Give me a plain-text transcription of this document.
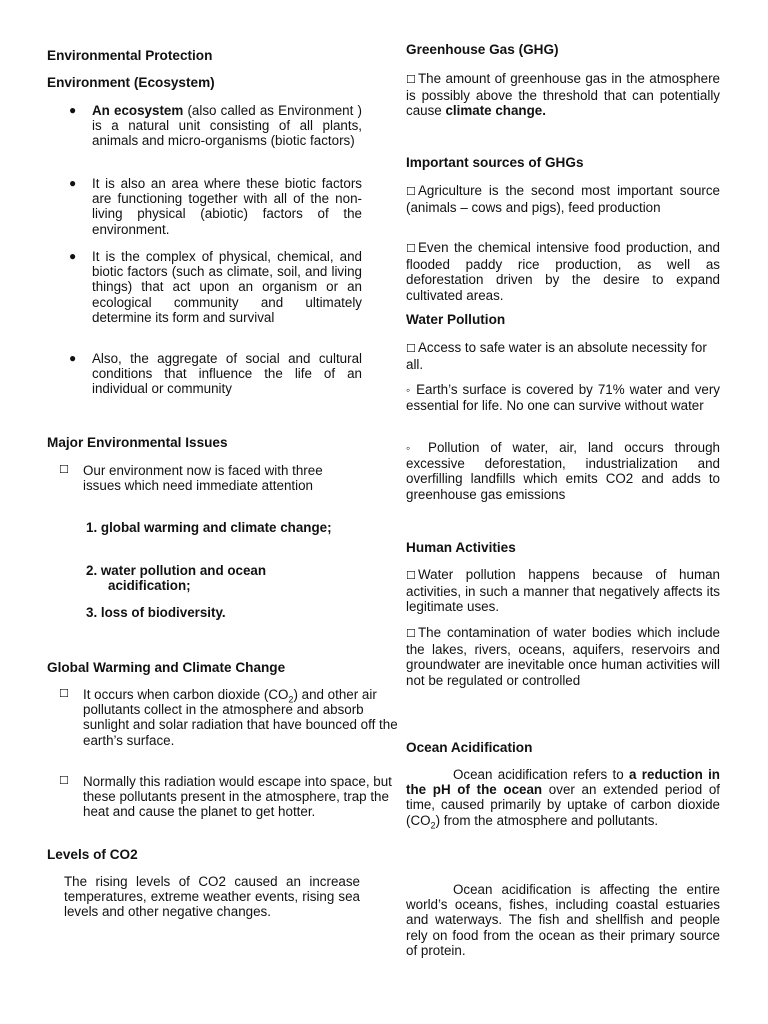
Environmental Protection

Environment (Ecosystem)

● An ecosystem (also called as Environment ) is a natural unit consisting of all plants, animals and micro-organisms (biotic factors)
● It is also an area where these biotic factors are functioning together with all of the non-living physical (abiotic) factors of the environment.
● It is the complex of physical, chemical, and biotic factors (such as climate, soil, and living things) that act upon an organism or an ecological community and ultimately determine its form and survival
● Also, the aggregate of social and cultural conditions that influence the life of an individual or community

Major Environmental Issues

☐ Our environment now is faced with three issues which need immediate attention
1. global warming and climate change;
2. water pollution and ocean acidification;
3. loss of biodiversity.

Global Warming and Climate Change

☐ It occurs when carbon dioxide $(CO_2)$ and other air pollutants collect in the atmosphere and absorb sunlight and solar radiation that have bounced off the earth’s surface.
☐ Normally this radiation would escape into space, but these pollutants present in the atmosphere, trap the heat and cause the planet to get hotter.

Levels of CO2

The rising levels of CO2 caused an increase temperatures, extreme weather events, rising sea levels and other negative changes.

Greenhouse Gas (GHG)

☐ The amount of greenhouse gas in the atmosphere is possibly above the threshold that can potentially cause climate change.

Important sources of GHGs

☐ Agriculture is the second most important source (animals – cows and pigs), feed production

☐ Even the chemical intensive food production, and flooded paddy rice production, as well as deforestation driven by the desire to expand cultivated areas.

Water Pollution

☐ Access to safe water is an absolute necessity for all.

◦ Earth’s surface is covered by 71% water and very essential for life. No one can survive without water

◦ Pollution of water, air, land occurs through excessive deforestation, industrialization and overfilling landfills which emits CO2 and adds to greenhouse gas emissions

Human Activities

☐ Water pollution happens because of human activities, in such a manner that negatively affects its legitimate uses.

☐ The contamination of water bodies which include the lakes, rivers, oceans, aquifers, reservoirs and groundwater are inevitable once human activities will not be regulated or controlled

Ocean Acidification

Ocean acidification refers to a reduction in the pH of the ocean over an extended period of time, caused primarily by uptake of carbon dioxide $(CO_2)$ from the atmosphere and pollutants.

Ocean acidification is affecting the entire world’s oceans, fishes, including coastal estuaries and waterways. The fish and shellfish and people rely on food from the ocean as their primary source of protein.
